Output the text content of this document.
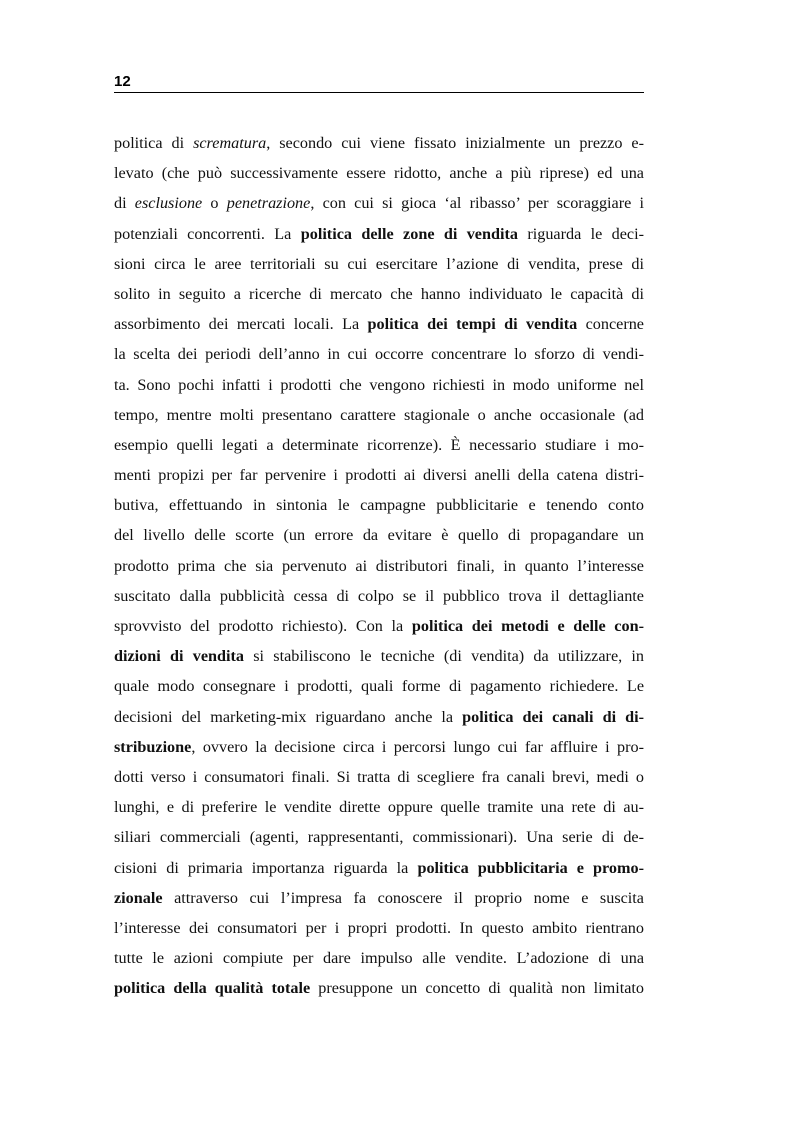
12
politica di scrematura, secondo cui viene fissato inizialmente un prezzo e-
levato (che può successivamente essere ridotto, anche a più riprese) ed una
di esclusione o penetrazione, con cui si gioca ‘al ribasso’ per scoraggiare i
potenziali concorrenti. La politica delle zone di vendita riguarda le deci-
sioni circa le aree territoriali su cui esercitare l’azione di vendita, prese di
solito in seguito a ricerche di mercato che hanno individuato le capacità di
assorbimento dei mercati locali. La politica dei tempi di vendita concerne
la scelta dei periodi dell’anno in cui occorre concentrare lo sforzo di vendi-
ta. Sono pochi infatti i prodotti che vengono richiesti in modo uniforme nel
tempo, mentre molti presentano carattere stagionale o anche occasionale (ad
esempio quelli legati a determinate ricorrenze). È necessario studiare i mo-
menti propizi per far pervenire i prodotti ai diversi anelli della catena distri-
butiva, effettuando in sintonia le campagne pubblicitarie e tenendo conto
del livello delle scorte (un errore da evitare è quello di propagandare un
prodotto prima che sia pervenuto ai distributori finali, in quanto l’interesse
suscitato dalla pubblicità cessa di colpo se il pubblico trova il dettagliante
sprovvisto del prodotto richiesto). Con la politica dei metodi e delle con-
dizioni di vendita si stabiliscono le tecniche (di vendita) da utilizzare, in
quale modo consegnare i prodotti, quali forme di pagamento richiedere. Le
decisioni del marketing-mix riguardano anche la politica dei canali di di-
stribuzione, ovvero la decisione circa i percorsi lungo cui far affluire i pro-
dotti verso i consumatori finali. Si tratta di scegliere fra canali brevi, medi o
lunghi, e di preferire le vendite dirette oppure quelle tramite una rete di au-
siliari commerciali (agenti, rappresentanti, commissionari). Una serie di de-
cisioni di primaria importanza riguarda la politica pubblicitaria e promo-
zionale attraverso cui l’impresa fa conoscere il proprio nome e suscita
l’interesse dei consumatori per i propri prodotti. In questo ambito rientrano
tutte le azioni compiute per dare impulso alle vendite. L’adozione di una
politica della qualità totale presuppone un concetto di qualità non limitato
